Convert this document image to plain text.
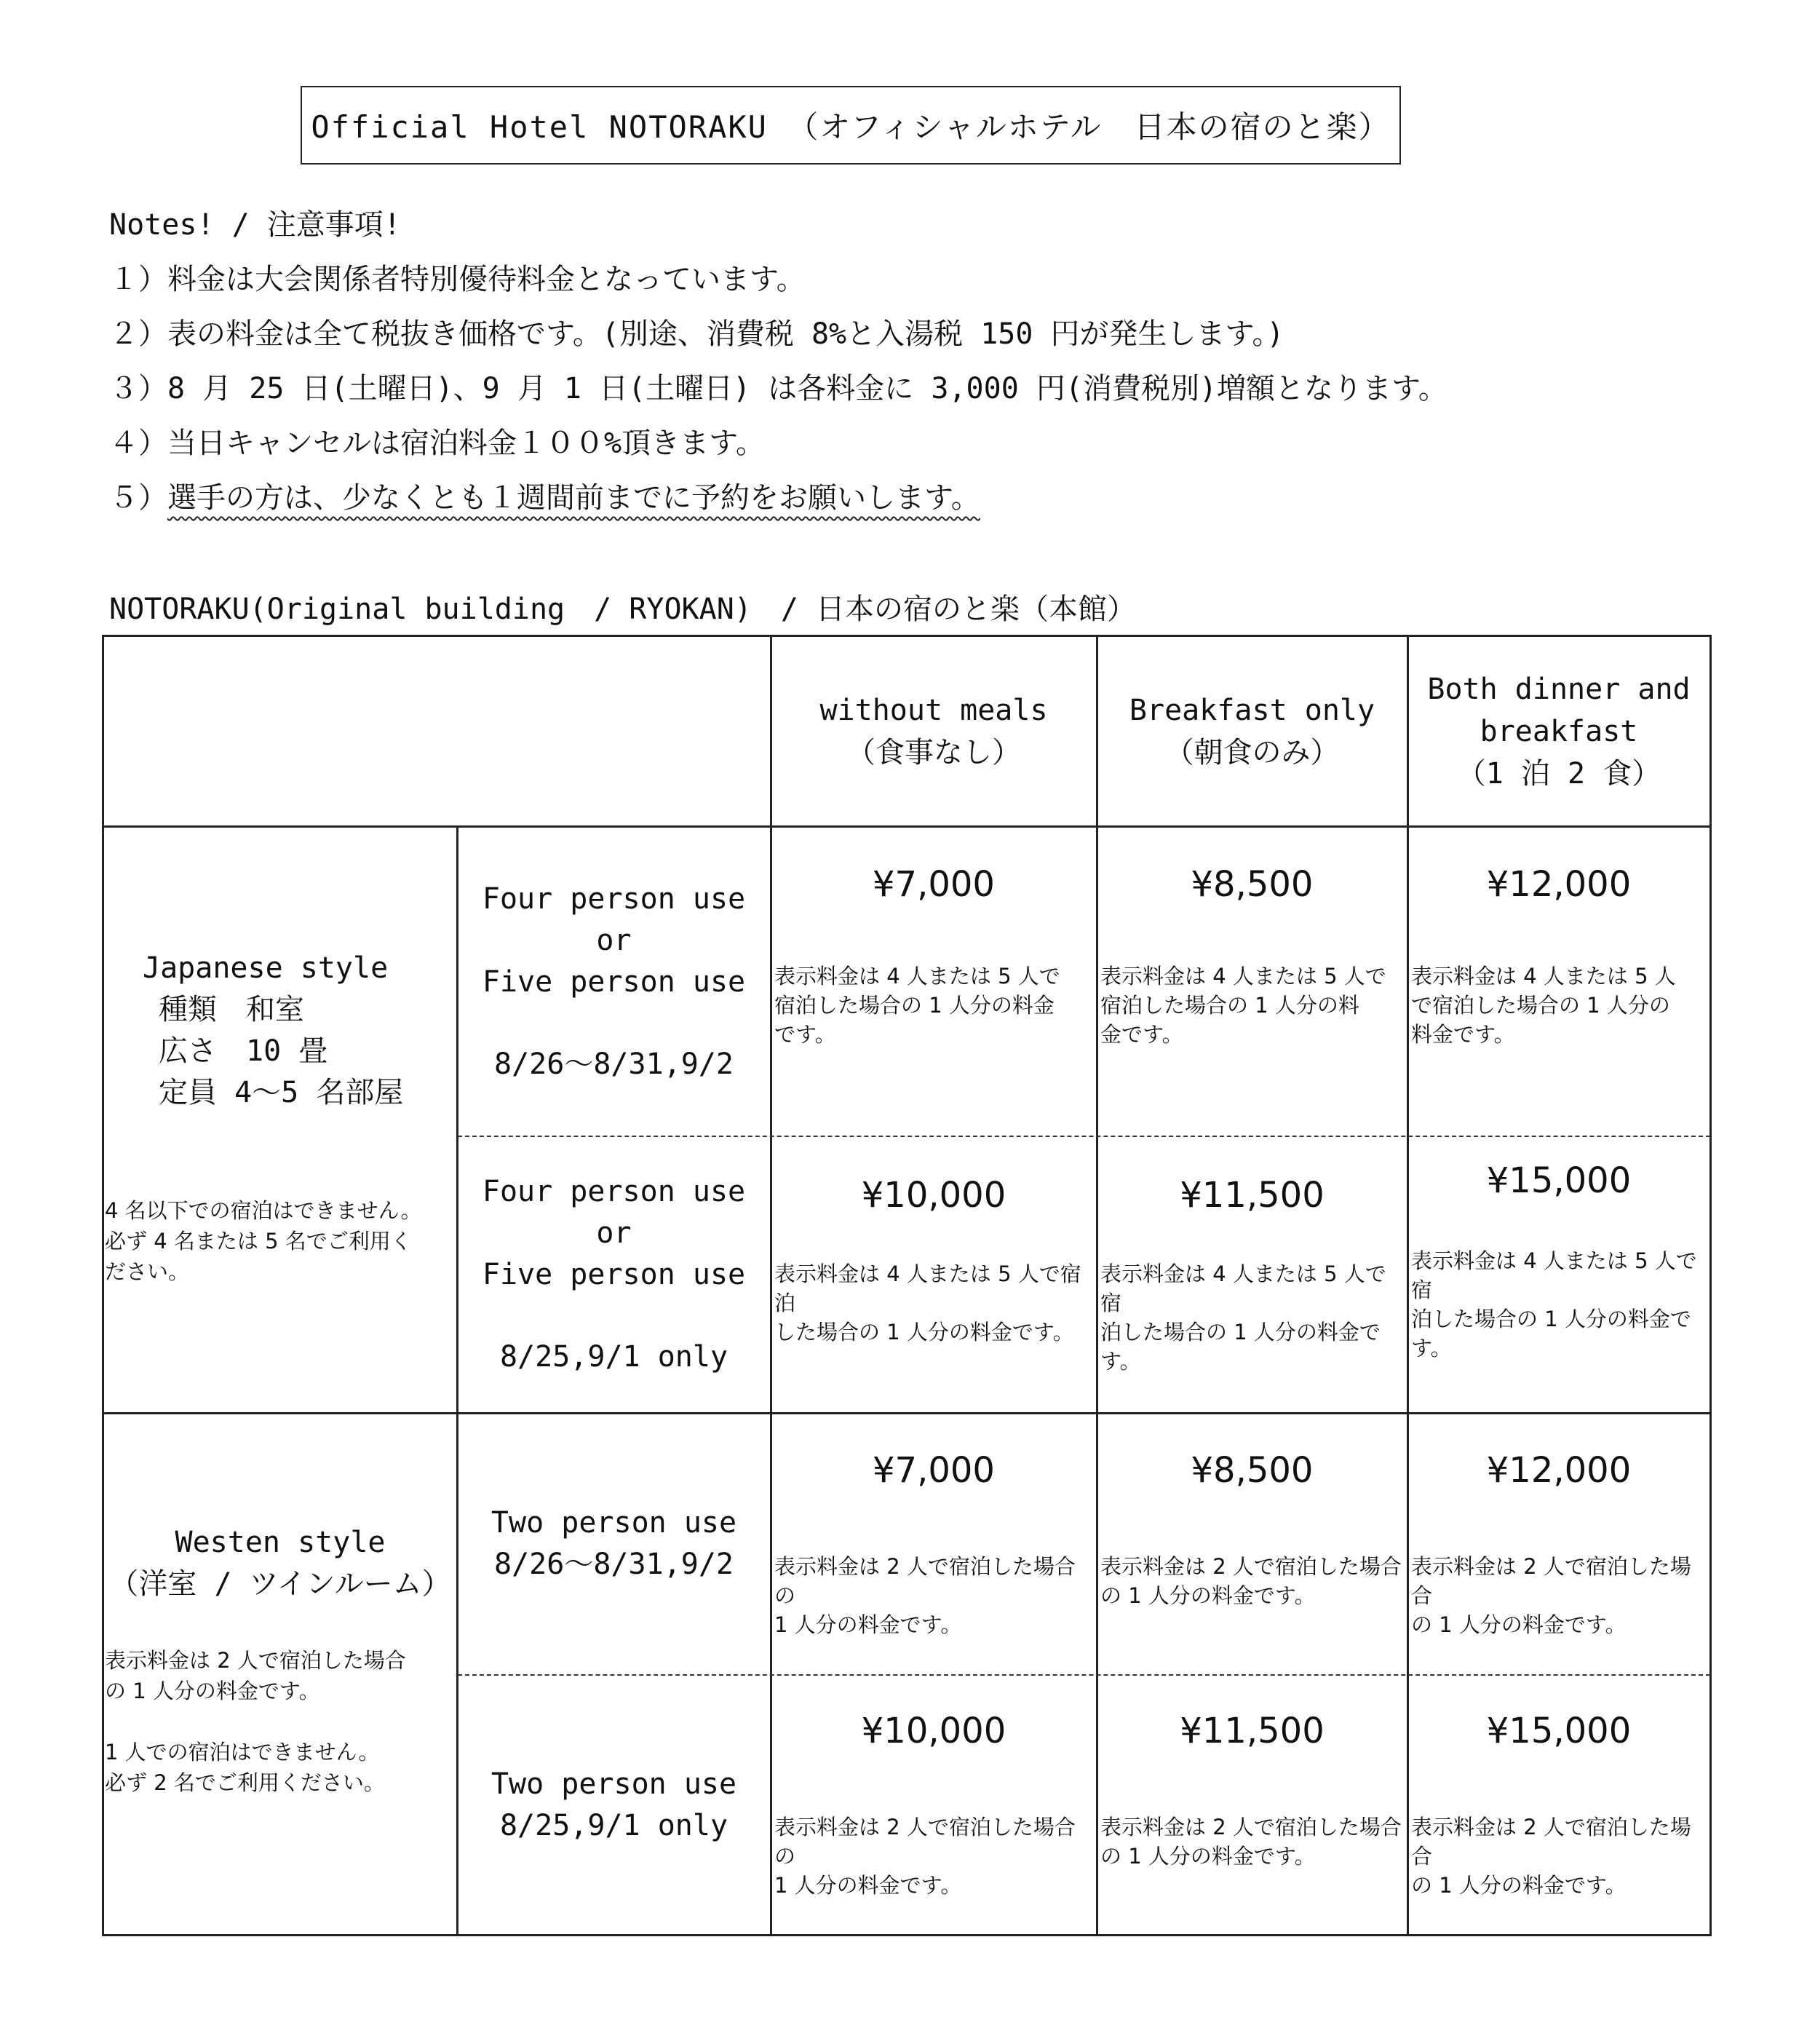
Official Hotel NOTORAKU （オフィシャルホテル　日本の宿のと楽）
Notes! / 注意事項!
１）料金は大会関係者特別優待料金となっています。
２）表の料金は全て税抜き価格です。(別途、消費税 8%と入湯税 150 円が発生します。)
３）8 月 25 日(土曜日)、9 月 1 日(土曜日) は各料金に 3,000 円(消費税別)増額となります。
４）当日キャンセルは宿泊料金１００%頂きます。
５）選手の方は、少なくとも１週間前までに予約をお願いします。
NOTORAKU(Original building　/ RYOKAN)　/ 日本の宿のと楽（本館）
without meals
（食事なし）
Breakfast only
（朝食のみ）
Both dinner and
breakfast
（1 泊 2 食）
Japanese style
種類　和室
広さ　10 畳
定員 4～5 名部屋
4 名以下での宿泊はできません。
必ず 4 名または 5 名でご利用く
ださい。
Four person use
or
Five person use
8/26～8/31,9/2
¥7,000
表示料金は 4 人または 5 人で
宿泊した場合の 1 人分の料金
です。
¥8,500
表示料金は 4 人または 5 人で
宿泊した場合の 1 人分の料
金です。
¥12,000
表示料金は 4 人または 5 人
で宿泊した場合の 1 人分の
料金です。
Four person use
or
Five person use
8/25,9/1 only
¥10,000
表示料金は 4 人または 5 人で宿泊
した場合の 1 人分の料金です。
¥11,500
表示料金は 4 人または 5 人で宿
泊した場合の 1 人分の料金です。
¥15,000
表示料金は 4 人または 5 人で宿
泊した場合の 1 人分の料金で
す。
Westen style
（洋室 / ツインルーム）
表示料金は 2 人で宿泊した場合
の 1 人分の料金です。
1 人での宿泊はできません。
必ず 2 名でご利用ください。
Two person use
8/26～8/31,9/2
¥7,000
表示料金は 2 人で宿泊した場合の
1 人分の料金です。
¥8,500
表示料金は 2 人で宿泊した場合
の 1 人分の料金です。
¥12,000
表示料金は 2 人で宿泊した場合
の 1 人分の料金です。
Two person use
8/25,9/1 only
¥10,000
表示料金は 2 人で宿泊した場合の
1 人分の料金です。
¥11,500
表示料金は 2 人で宿泊した場合
の 1 人分の料金です。
¥15,000
表示料金は 2 人で宿泊した場合
の 1 人分の料金です。
